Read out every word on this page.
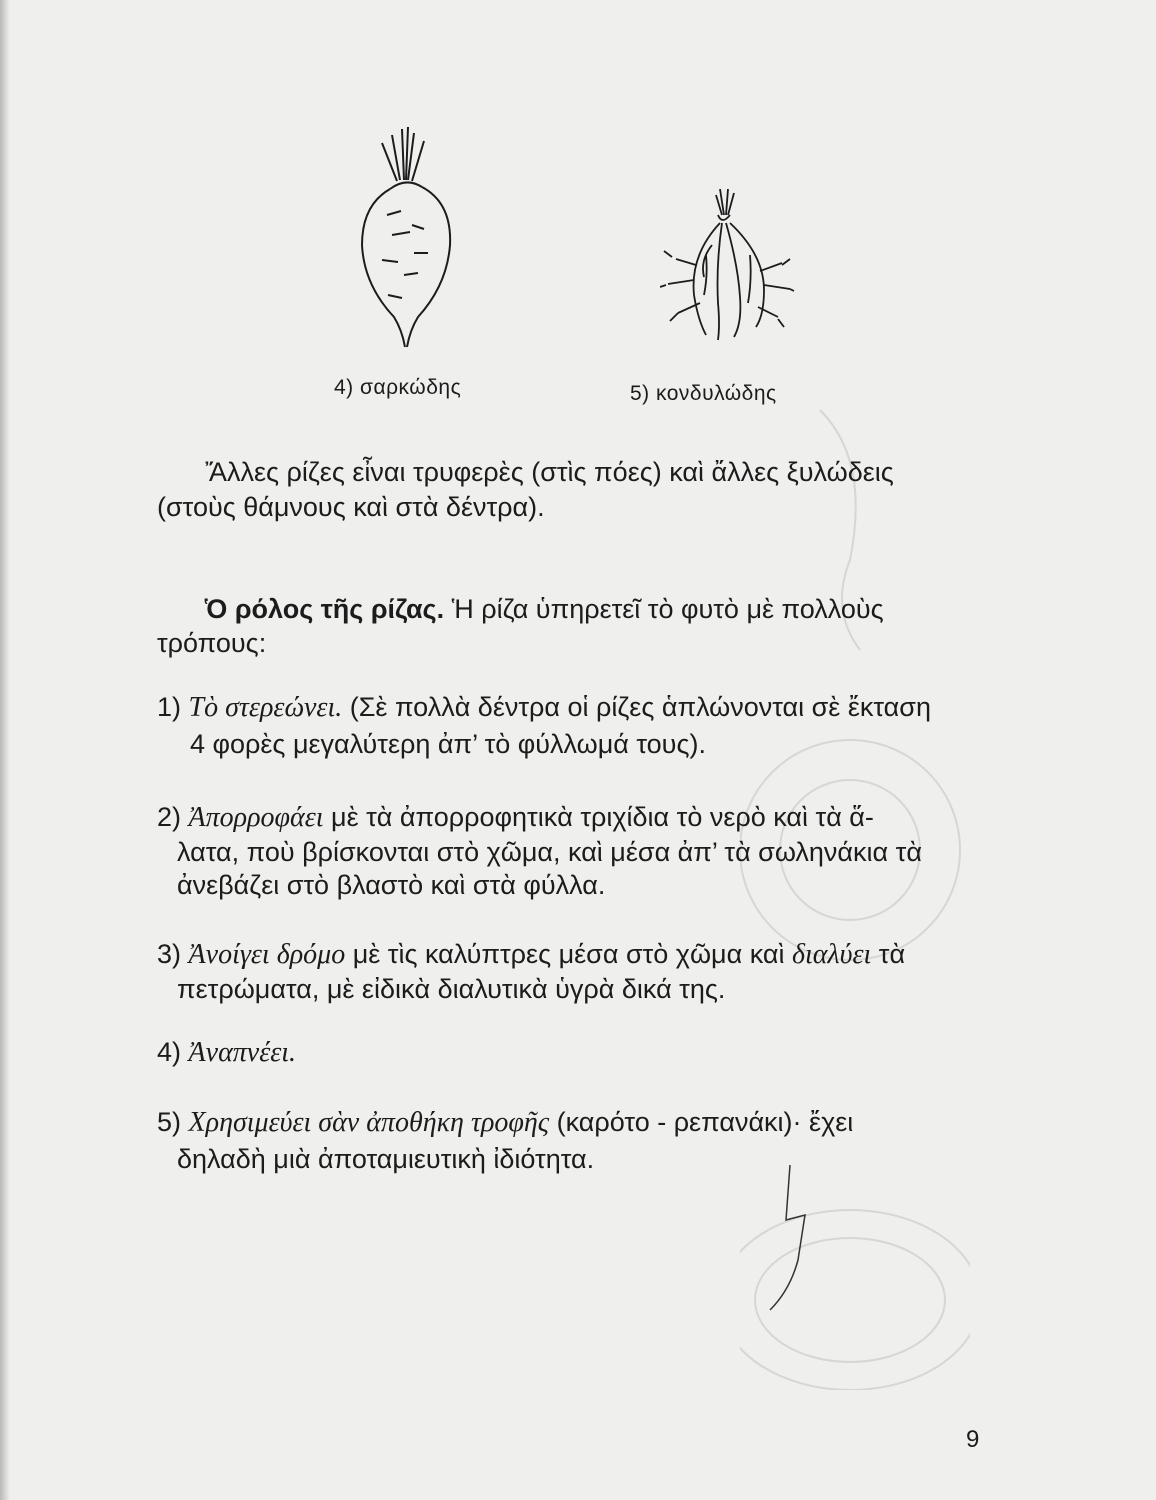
4) σαρκώδης	5) κονδυλώδης
Ἄλλες ρίζες εἶναι τρυφερὲς (στὶς πόες) καὶ ἄλλες ξυλώδεις
(στοὺς θάμνους καὶ στὰ δέντρα).
Ὁ ρόλος τῆς ρίζας. Ἡ ρίζα ὑπηρετεῖ τὸ φυτὸ μὲ πολλοὺς
τρόπους:
1) Τὸ στερεώνει. (Σὲ πολλὰ δέντρα οἱ ρίζες ἁπλώνονται σὲ ἔκταση
4 φορὲς μεγαλύτερη ἀπ’ τὸ φύλλωμά τους).
2) Ἀπορροφάει μὲ τὰ ἀπορροφητικὰ τριχίδια τὸ νερὸ καὶ τὰ ἅ-
λατα, ποὺ βρίσκονται στὸ χῶμα, καὶ μέσα ἀπ’ τὰ σωληνάκια τὰ
ἀνεβάζει στὸ βλαστὸ καὶ στὰ φύλλα.
3) Ἀνοίγει δρόμο μὲ τὶς καλύπτρες μέσα στὸ χῶμα καὶ διαλύει τὰ
πετρώματα, μὲ εἰδικὰ διαλυτικὰ ὑγρὰ δικά της.
4) Ἀναπνέει.
5) Χρησιμεύει σὰν ἀποθήκη τροφῆς (καρότο - ρεπανάκι)· ἔχει
δηλαδὴ μιὰ ἀποταμιευτικὴ ἰδιότητα.
9
